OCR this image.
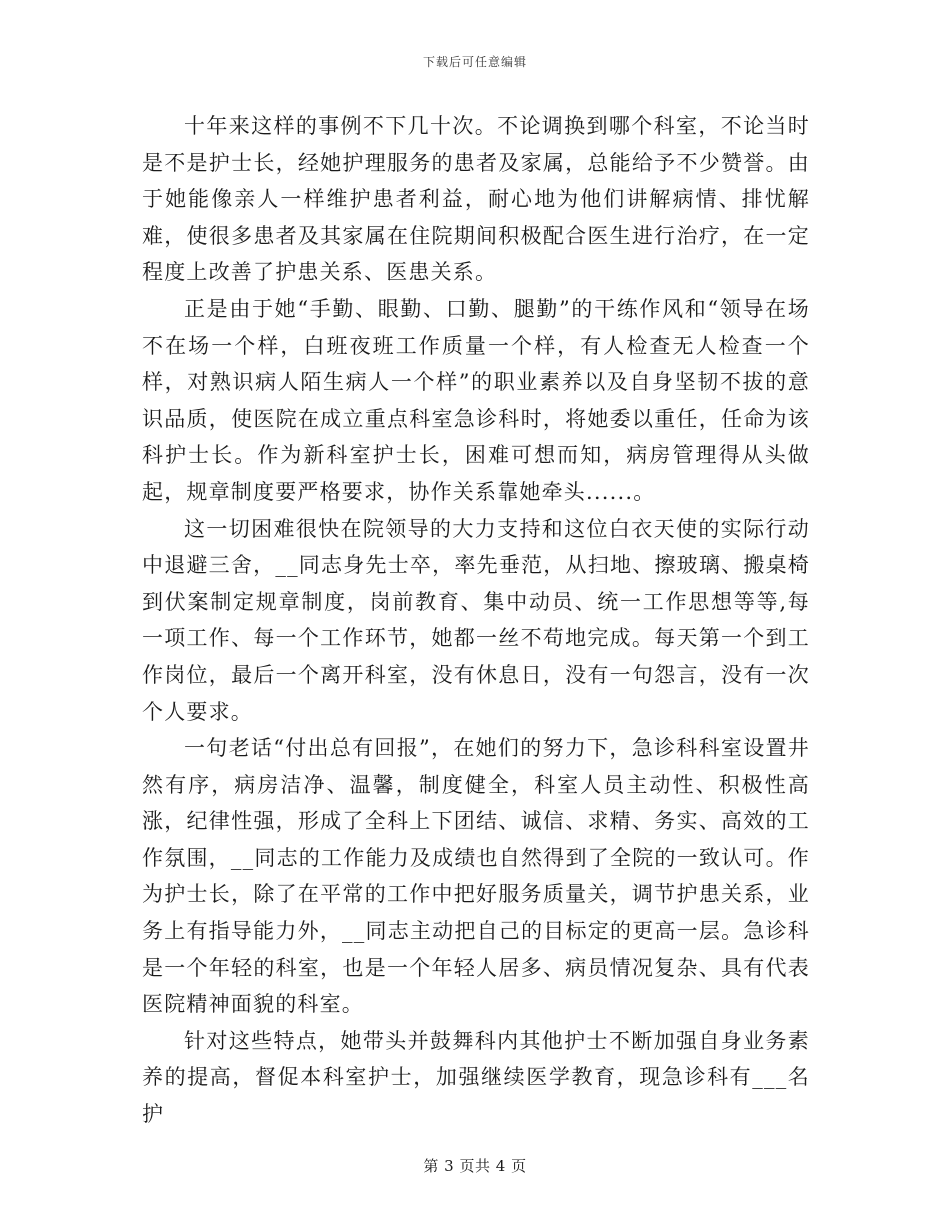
下载后可任意编辑

十年来这样的事例不下几十次。不论调换到哪个科室，不论当时是不是护士长，经她护理服务的患者及家属，总能给予不少赞誉。由于她能像亲人一样维护患者利益，耐心地为他们讲解病情、排忧解难，使很多患者及其家属在住院期间积极配合医生进行治疗，在一定程度上改善了护患关系、医患关系。

正是由于她“手勤、眼勤、口勤、腿勤”的干练作风和“领导在场不在场一个样，白班夜班工作质量一个样，有人检查无人检查一个样，对熟识病人陌生病人一个样”的职业素养以及自身坚韧不拔的意识品质，使医院在成立重点科室急诊科时，将她委以重任，任命为该科护士长。作为新科室护士长，困难可想而知，病房管理得从头做起，规章制度要严格要求，协作关系靠她牵头......。

这一切困难很快在院领导的大力支持和这位白衣天使的实际行动中退避三舍，__同志身先士卒，率先垂范，从扫地、擦玻璃、搬桌椅到伏案制定规章制度，岗前教育、集中动员、统一工作思想等等,每一项工作、每一个工作环节，她都一丝不苟地完成。每天第一个到工作岗位，最后一个离开科室，没有休息日，没有一句怨言，没有一次个人要求。

一句老话“付出总有回报”，在她们的努力下，急诊科科室设置井然有序，病房洁净、温馨，制度健全，科室人员主动性、积极性高涨，纪律性强，形成了全科上下团结、诚信、求精、务实、高效的工作氛围，__同志的工作能力及成绩也自然得到了全院的一致认可。作为护士长，除了在平常的工作中把好服务质量关，调节护患关系，业务上有指导能力外，__同志主动把自己的目标定的更高一层。急诊科是一个年轻的科室，也是一个年轻人居多、病员情况复杂、具有代表医院精神面貌的科室。

针对这些特点，她带头并鼓舞科内其他护士不断加强自身业务素养的提高，督促本科室护士，加强继续医学教育，现急诊科有___名护

第 3 页共 4 页
